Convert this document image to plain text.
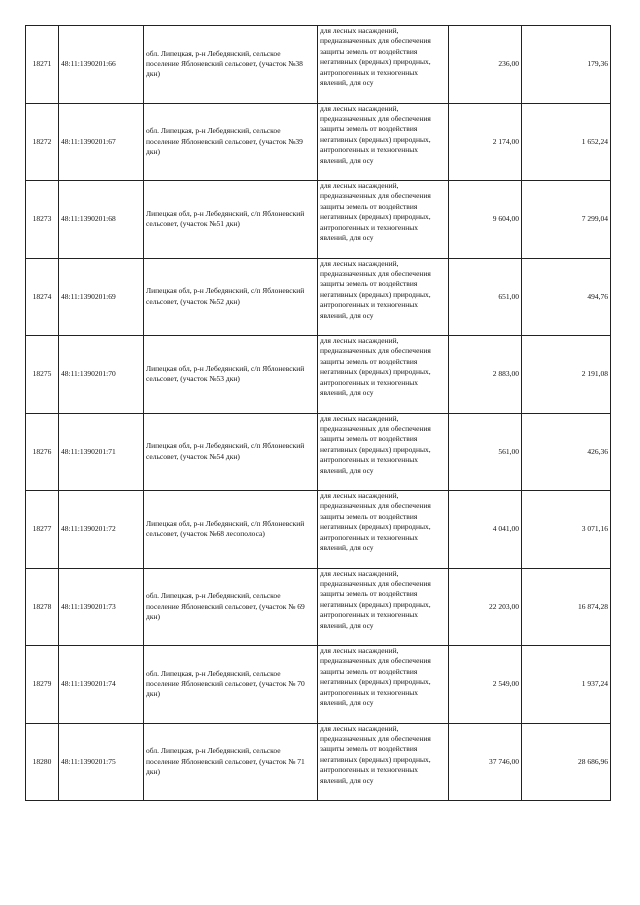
18271	48:11:1390201:66	обл. Липецкая, р-н Лебедянский, сельское поселение Яблоневский сельсовет, (участок №38 дкн)	для лесных насаждений, предназначенных для обеспечения защиты земель от воздействия негативных (вредных) природных, антропогенных и техногенных явлений, для осу	236,00	179,36
18272	48:11:1390201:67	обл. Липецкая, р-н Лебедянский, сельское поселение Яблоневский сельсовет, (участок №39 дкн)	для лесных насаждений, предназначенных для обеспечения защиты земель от воздействия негативных (вредных) природных, антропогенных и техногенных явлений, для осу	2 174,00	1 652,24
18273	48:11:1390201:68	Липецкая обл, р-н Лебедянский, с/п Яблоневский сельсовет, (участок №51 дкн)	для лесных насаждений, предназначенных для обеспечения защиты земель от воздействия негативных (вредных) природных, антропогенных и техногенных явлений, для осу	9 604,00	7 299,04
18274	48:11:1390201:69	Липецкая обл, р-н Лебедянский, с/п Яблоневский сельсовет, (участок №52 дкн)	для лесных насаждений, предназначенных для обеспечения защиты земель от воздействия негативных (вредных) природных, антропогенных и техногенных явлений, для осу	651,00	494,76
18275	48:11:1390201:70	Липецкая обл, р-н Лебедянский, с/п Яблоневский сельсовет, (участок №53 дкн)	для лесных насаждений, предназначенных для обеспечения защиты земель от воздействия негативных (вредных) природных, антропогенных и техногенных явлений, для осу	2 883,00	2 191,08
18276	48:11:1390201:71	Липецкая обл, р-н Лебедянский, с/п Яблоневский сельсовет, (участок №54 дкн)	для лесных насаждений, предназначенных для обеспечения защиты земель от воздействия негативных (вредных) природных, антропогенных и техногенных явлений, для осу	561,00	426,36
18277	48:11:1390201:72	Липецкая обл, р-н Лебедянский, с/п Яблоневский сельсовет, (участок №68 лесополоса)	для лесных насаждений, предназначенных для обеспечения защиты земель от воздействия негативных (вредных) природных, антропогенных и техногенных явлений, для осу	4 041,00	3 071,16
18278	48:11:1390201:73	обл. Липецкая, р-н Лебедянский, сельское поселение Яблоневский сельсовет, (участок № 69 дкн)	для лесных насаждений, предназначенных для обеспечения защиты земель от воздействия негативных (вредных) природных, антропогенных и техногенных явлений, для осу	22 203,00	16 874,28
18279	48:11:1390201:74	обл. Липецкая, р-н Лебедянский, сельское поселение Яблоневский сельсовет, (участок № 70 дкн)	для лесных насаждений, предназначенных для обеспечения защиты земель от воздействия негативных (вредных) природных, антропогенных и техногенных явлений, для осу	2 549,00	1 937,24
18280	48:11:1390201:75	обл. Липецкая, р-н Лебедянский, сельское поселение Яблоневский сельсовет, (участок № 71 дкн)	для лесных насаждений, предназначенных для обеспечения защиты земель от воздействия негативных (вредных) природных, антропогенных и техногенных явлений, для осу	37 746,00	28 686,96
